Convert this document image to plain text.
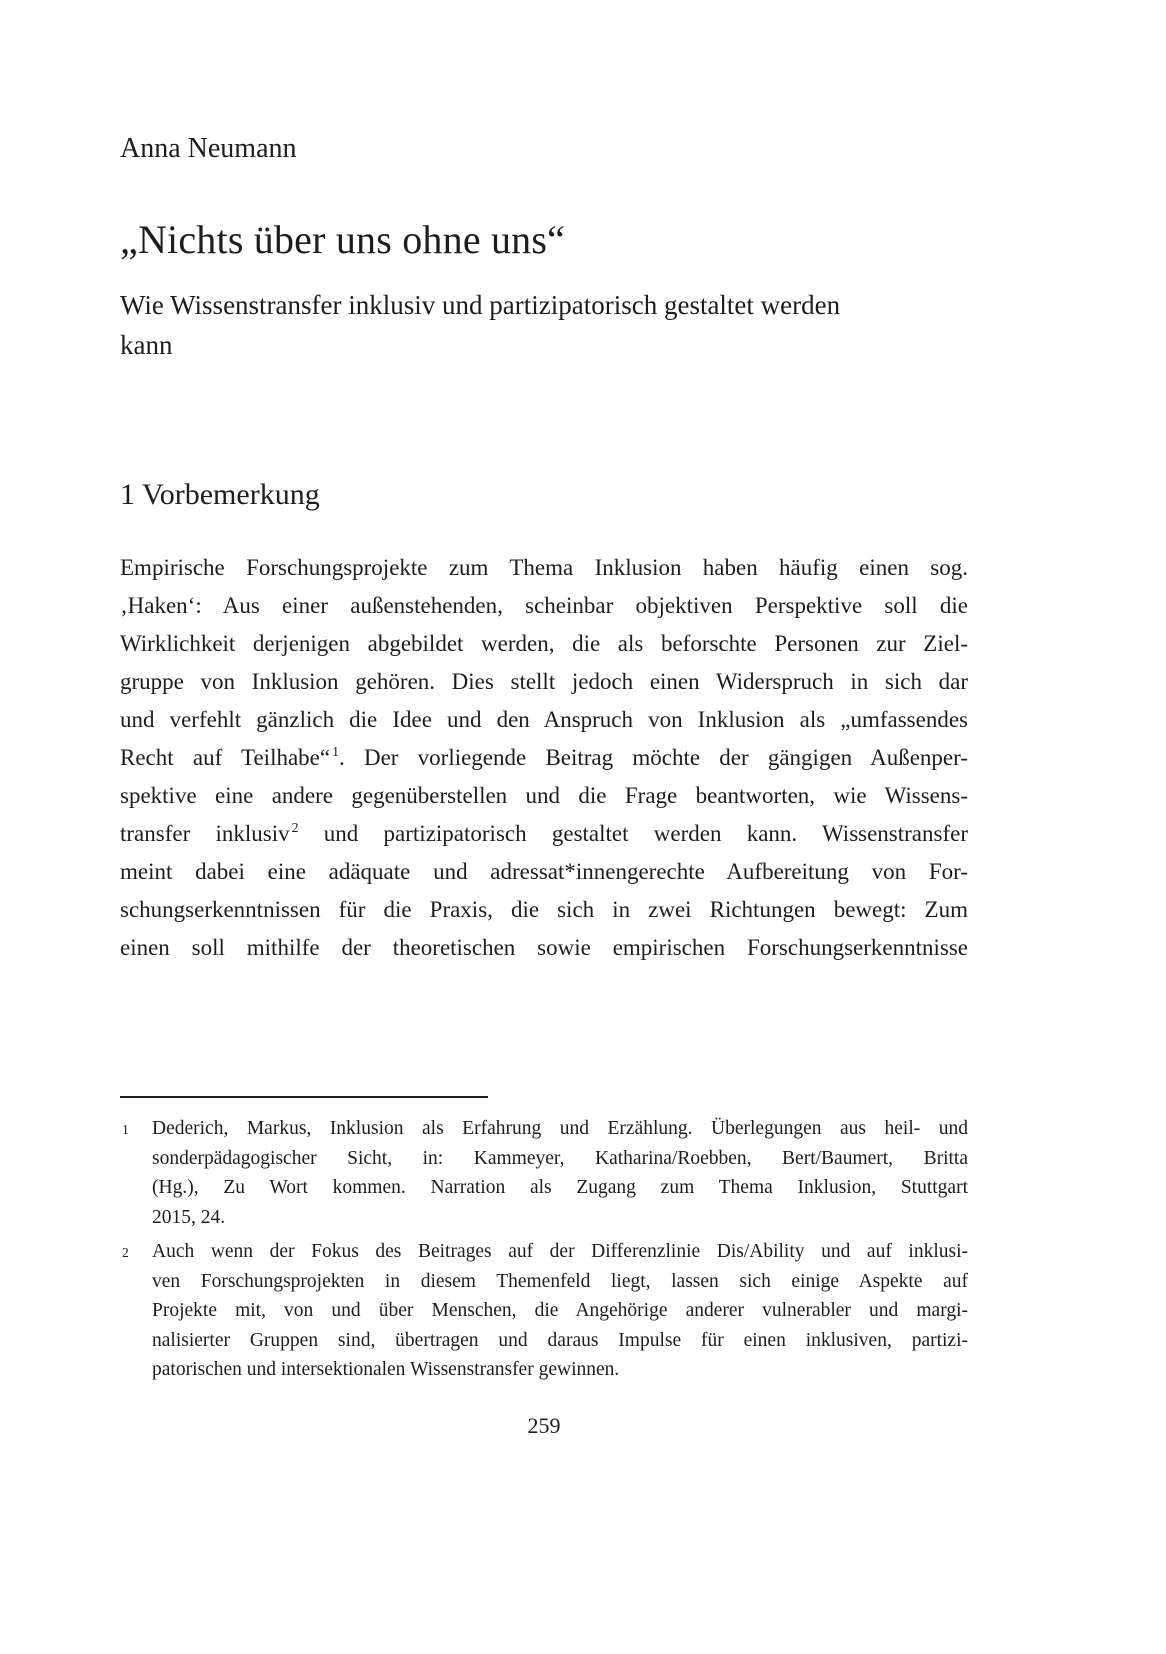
Anna Neumann
„Nichts über uns ohne uns“
Wie Wissenstransfer inklusiv und partizipatorisch gestaltet werden
kann
1 Vorbemerkung
Empirische Forschungsprojekte zum Thema Inklusion haben häufig einen sog.
‚Haken‘: Aus einer außenstehenden, scheinbar objektiven Perspektive soll die
Wirklichkeit derjenigen abgebildet werden, die als beforschte Personen zur Ziel-
gruppe von Inklusion gehören. Dies stellt jedoch einen Widerspruch in sich dar
und verfehlt gänzlich die Idee und den Anspruch von Inklusion als „umfassendes
Recht auf Teilhabe“ $^1$. Der vorliegende Beitrag möchte der gängigen Außenper-
spektive eine andere gegenüberstellen und die Frage beantworten, wie Wissens-
transfer inklusiv $^2$ und partizipatorisch gestaltet werden kann. Wissenstransfer
meint dabei eine adäquate und adressat*innengerechte Aufbereitung von For-
schungserkenntnissen für die Praxis, die sich in zwei Richtungen bewegt: Zum
einen soll mithilfe der theoretischen sowie empirischen Forschungserkenntnisse
1 Dederich, Markus, Inklusion als Erfahrung und Erzählung. Überlegungen aus heil- und
sonderpädagogischer Sicht, in: Kammeyer, Katharina/Roebben, Bert/Baumert, Britta
(Hg.), Zu Wort kommen. Narration als Zugang zum Thema Inklusion, Stuttgart
2015, 24.
2 Auch wenn der Fokus des Beitrages auf der Differenzlinie Dis/Ability und auf inklusi-
ven Forschungsprojekten in diesem Themenfeld liegt, lassen sich einige Aspekte auf
Projekte mit, von und über Menschen, die Angehörige anderer vulnerabler und margi-
nalisierter Gruppen sind, übertragen und daraus Impulse für einen inklusiven, partizi-
patorischen und intersektionalen Wissenstransfer gewinnen.
259
